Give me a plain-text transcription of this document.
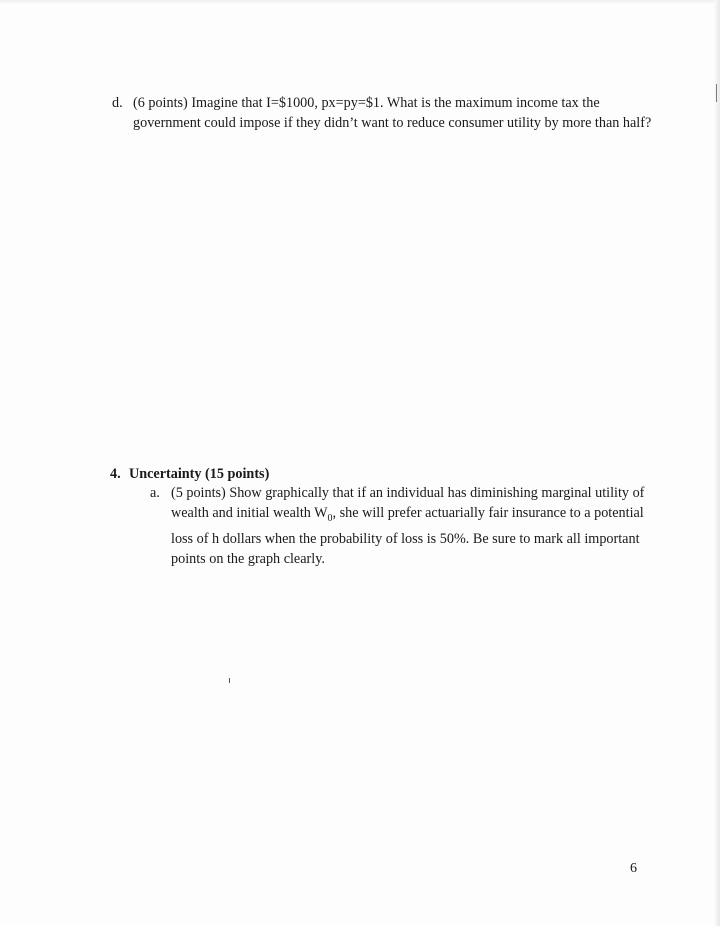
d. (6 points) Imagine that I=$1000, px=py=$1. What is the maximum income tax the government could impose if they didn’t want to reduce consumer utility by more than half?
4. Uncertainty (15 points)
a. (5 points) Show graphically that if an individual has diminishing marginal utility of wealth and initial wealth $W_0$, she will prefer actuarially fair insurance to a potential loss of h dollars when the probability of loss is 50%. Be sure to mark all important points on the graph clearly.
6
